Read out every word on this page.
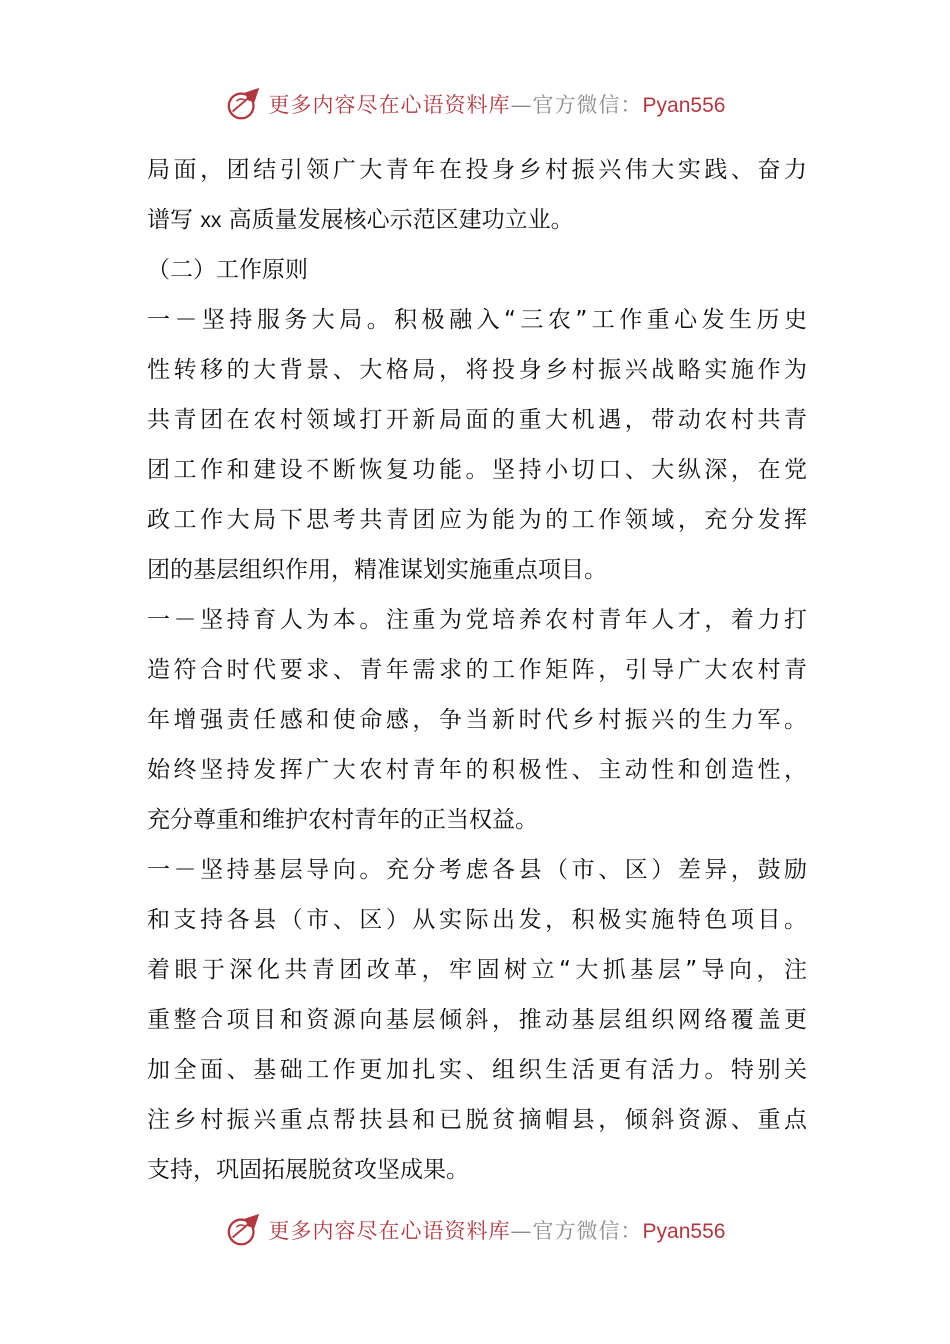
更多内容尽在心语资料库—官方微信：Pyan556
局面，团结引领广大青年在投身乡村振兴伟大实践、奋力
谱写 xx 高质量发展核心示范区建功立业。
（二）工作原则
一－坚持服务大局。积极融入“三农”工作重心发生历史
性转移的大背景、大格局，将投身乡村振兴战略实施作为
共青团在农村领域打开新局面的重大机遇，带动农村共青
团工作和建设不断恢复功能。坚持小切口、大纵深，在党
政工作大局下思考共青团应为能为的工作领域，充分发挥
团的基层组织作用，精准谋划实施重点项目。
一－坚持育人为本。注重为党培养农村青年人才，着力打
造符合时代要求、青年需求的工作矩阵，引导广大农村青
年增强责任感和使命感，争当新时代乡村振兴的生力军。
始终坚持发挥广大农村青年的积极性、主动性和创造性，
充分尊重和维护农村青年的正当权益。
一－坚持基层导向。充分考虑各县（市、区）差异，鼓励
和支持各县（市、区）从实际出发，积极实施特色项目。
着眼于深化共青团改革，牢固树立“大抓基层”导向，注
重整合项目和资源向基层倾斜，推动基层组织网络覆盖更
加全面、基础工作更加扎实、组织生活更有活力。特别关
注乡村振兴重点帮扶县和已脱贫摘帽县，倾斜资源、重点
支持，巩固拓展脱贫攻坚成果。
更多内容尽在心语资料库—官方微信：Pyan556
